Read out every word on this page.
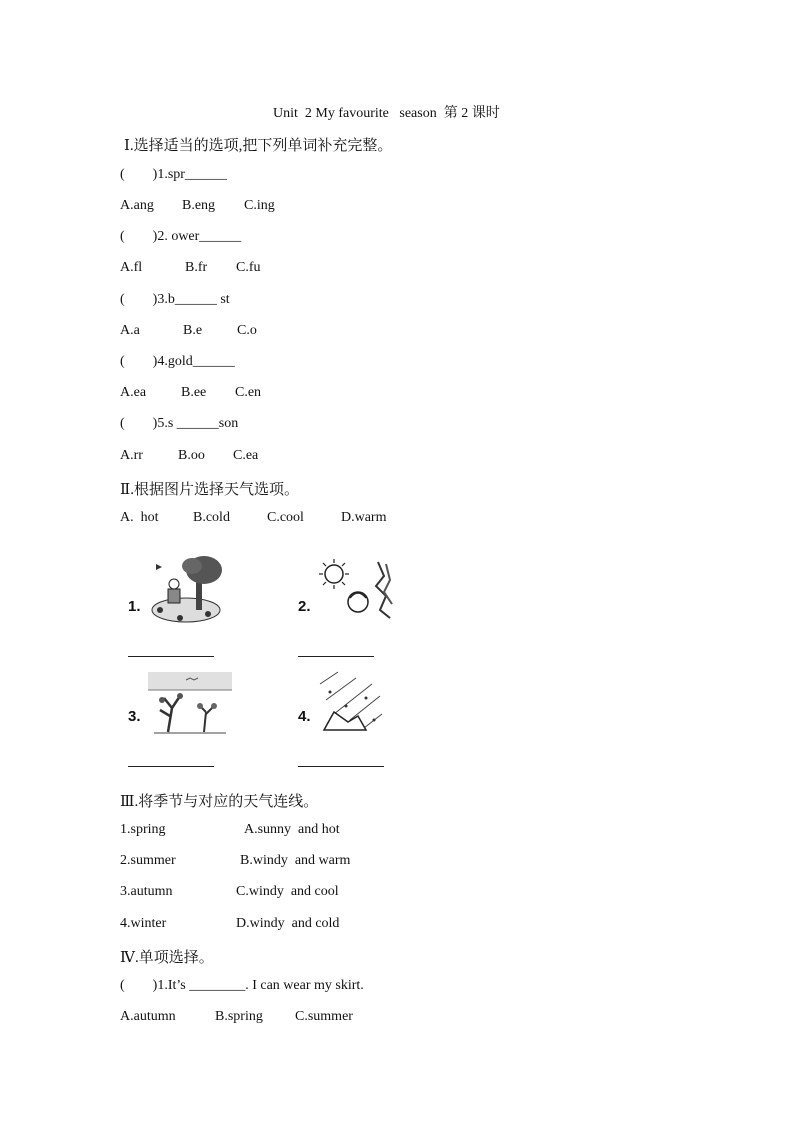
Unit  2 My favourite   season  第 2 课时
Ⅰ.选择适当的选项,把下列单词补充完整。
(        )1.spr______
A.ang B.eng C.ing
(        )2. ower______
A.fl	B.fr C.fu
(        )3.b______ st
A.a	B.e C.o
(        )4.gold______
A.ea B.ee C.en
(        )5.s ______son
A.rr	B.oo C.ea
Ⅱ.根据图片选择天气选项。
A.  hot B.cold	C.cool	D.warm
1.	2.
3.	4.
Ⅲ.将季节与对应的天气连线。
1.spring	A.sunny  and hot
2.summer	B.windy  and warm
3.autumn	C.windy  and cool
4.winter	D.windy  and cold
Ⅳ.单项选择。
(        )1.It’s ________. I can wear my skirt.
A.autumn	B.spring C.summer
